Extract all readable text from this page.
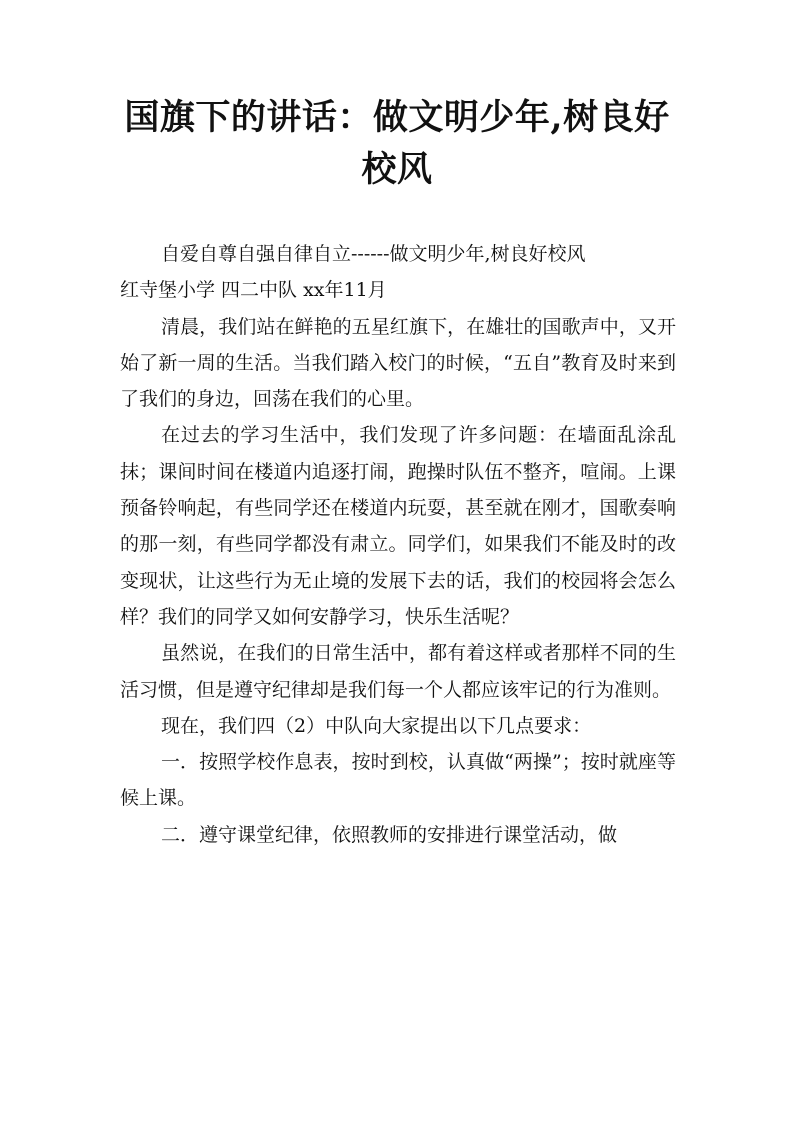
国旗下的讲话：做文明少年,树良好校风

自爱自尊自强自律自立------做文明少年,树良好校风

红寺堡小学 四二中队 xx年11月

清晨，我们站在鲜艳的五星红旗下，在雄壮的国歌声中，又开始了新一周的生活。当我们踏入校门的时候，“五自”教育及时来到了我们的身边，回荡在我们的心里。

在过去的学习生活中，我们发现了许多问题：在墙面乱涂乱抹；课间时间在楼道内追逐打闹，跑操时队伍不整齐，喧闹。上课预备铃响起，有些同学还在楼道内玩耍，甚至就在刚才，国歌奏响的那一刻，有些同学都没有肃立。同学们，如果我们不能及时的改变现状，让这些行为无止境的发展下去的话，我们的校园将会怎么样？我们的同学又如何安静学习，快乐生活呢？

虽然说，在我们的日常生活中，都有着这样或者那样不同的生活习惯，但是遵守纪律却是我们每一个人都应该牢记的行为准则。

现在，我们四（2）中队向大家提出以下几点要求：

一．按照学校作息表，按时到校，认真做“两操”；按时就座等候上课。

二．遵守课堂纪律，依照教师的安排进行课堂活动，做
